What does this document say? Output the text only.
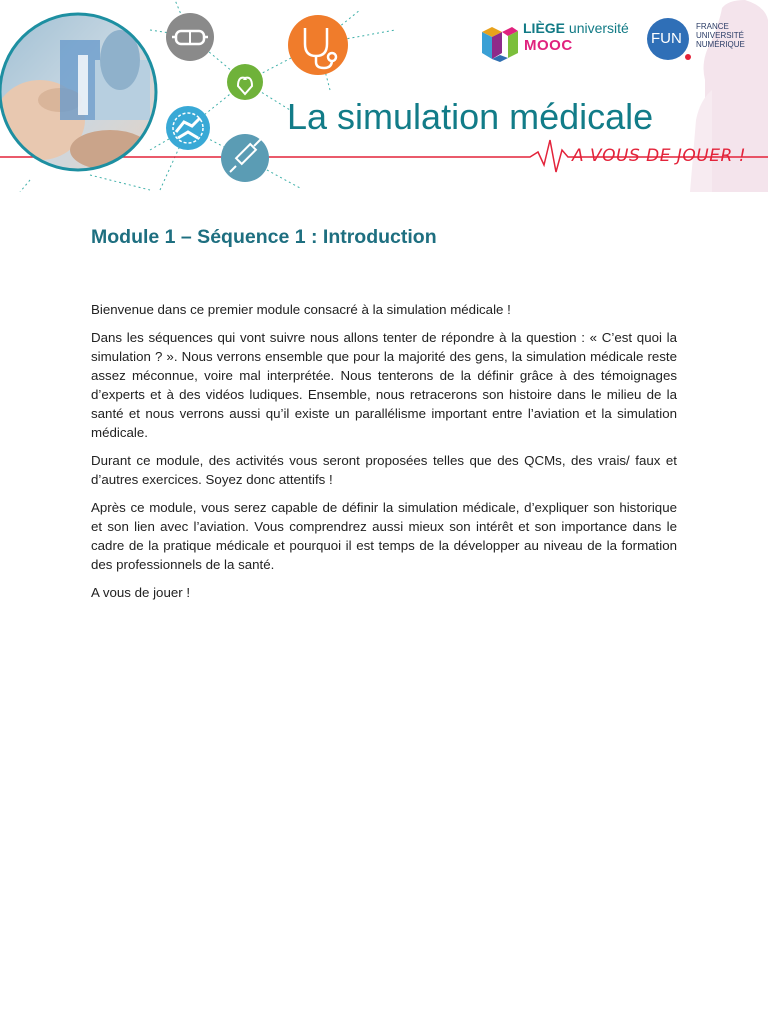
La simulation médicale
A VOUS DE JOUER !
LIÈGE université
MOOC	FUN
FRANCE
UNIVERSITÉ
NUMÉRIQUE
Module 1 – Séquence 1 : Introduction

Bienvenue dans ce premier module consacré à la simulation médicale !

Dans les séquences qui vont suivre nous allons tenter de répondre à la question : « C’est quoi la simulation ? ». Nous verrons ensemble que pour la majorité des gens, la simulation médicale reste assez méconnue, voire mal interprétée. Nous tenterons de la définir grâce à des témoignages d’experts et à des vidéos ludiques. Ensemble, nous retracerons son histoire dans le milieu de la santé et nous verrons aussi qu’il existe un parallélisme important entre l’aviation et la simulation médicale.

Durant ce module, des activités vous seront proposées telles que des QCMs, des vrais/ faux et d’autres exercices. Soyez donc attentifs !

Après ce module, vous serez capable de définir la simulation médicale, d’expliquer son historique et son lien avec l’aviation. Vous comprendrez aussi mieux son intérêt et son importance dans le cadre de la pratique médicale et pourquoi il est temps de la développer au niveau de la formation des professionnels de la santé.

A vous de jouer !
